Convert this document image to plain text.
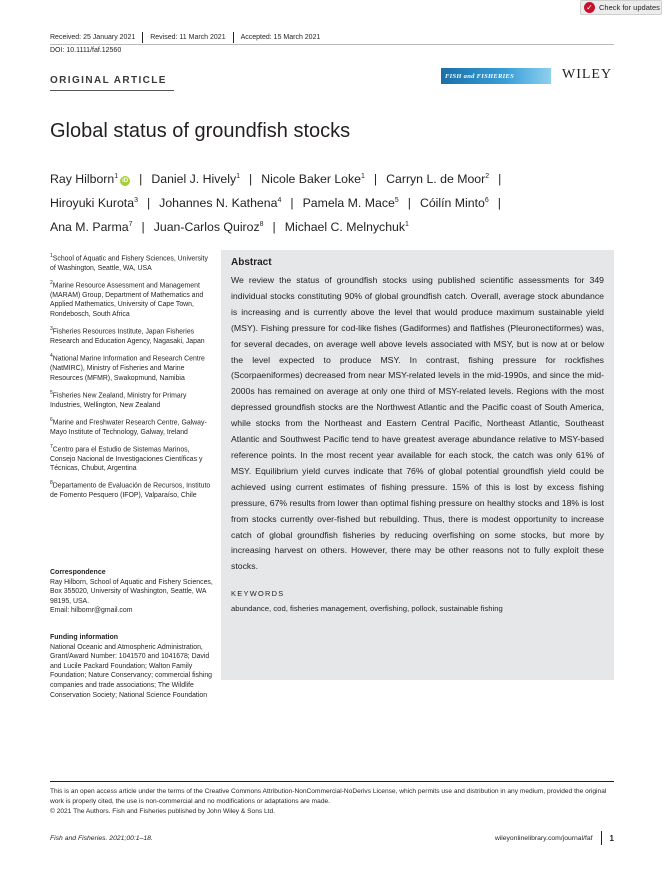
✓ Check for updates
Received: 25 January 2021 Revised: 11 March 2021 Accepted: 15 March 2021
DOI: 10.1111/faf.12560
ORIGINAL ARTICLE	FISH and FISHERIES	WILEY
Global status of groundfish stocks
Ray Hilborn$^1$iD | Daniel J. Hively$^1$ | Nicole Baker Loke$^1$ | Carryn L. de Moor$^2$ |
Hiroyuki Kurota$^3$ | Johannes N. Kathena$^4$ | Pamela M. Mace$^5$ | Cóilín Minto$^6$ |
Ana M. Parma$^7$ | Juan-Carlos Quiroz$^8$ | Michael C. Melnychuk$^1$

$^1$School of Aquatic and Fishery Sciences, University of Washington, Seattle, WA, USA

$^2$Marine Resource Assessment and Management (MARAM) Group, Department of Mathematics and Applied Mathematics, University of Cape Town, Rondebosch, South Africa

$^3$Fisheries Resources Institute, Japan Fisheries Research and Education Agency, Nagasaki, Japan

$^4$National Marine Information and Research Centre (NatMIRC), Ministry of Fisheries and Marine Resources (MFMR), Swakopmund, Namibia

$^5$Fisheries New Zealand, Ministry for Primary Industries, Wellington, New Zealand

$^6$Marine and Freshwater Research Centre, Galway-Mayo Institute of Technology, Galway, Ireland

$^7$Centro para el Estudio de Sistemas Marinos, Consejo Nacional de Investigaciones Científicas y Técnicas, Chubut, Argentina

$^8$Departamento de Evaluación de Recursos, Instituto de Fomento Pesquero (IFOP), Valparaíso, Chile

Correspondence

Ray Hilborn, School of Aquatic and Fishery Sciences, Box 355020, University of Washington, Seattle, WA 98195, USA.
Email: hilbornr@gmail.com

Funding information

National Oceanic and Atmospheric Administration, Grant/Award Number: 1041570 and 1041678; David and Lucile Packard Foundation; Walton Family Foundation; Nature Conservancy; commercial fishing companies and trade associations; The Wildlife Conservation Society; National Science Foundation

Abstract

We review the status of groundfish stocks using published scientific assessments for 349 individual stocks constituting 90% of global groundfish catch. Overall, average stock abundance is increasing and is currently above the level that would produce maximum sustainable yield (MSY). Fishing pressure for cod-like fishes (Gadiformes) and flatfishes (Pleuronectiformes) was, for several decades, on average well above levels associated with MSY, but is now at or below the level expected to produce MSY. In contrast, fishing pressure for rockfishes (Scorpaeniformes) decreased from near MSY-related levels in the mid-1990s, and since the mid-2000s has remained on average at only one third of MSY-related levels. Regions with the most depressed groundfish stocks are the Northwest Atlantic and the Pacific coast of South America, while stocks from the Northeast and Eastern Central Pacific, Northeast Atlantic, Southeast Atlantic and Southwest Pacific tend to have greatest average abundance relative to MSY-based reference points. In the most recent year available for each stock, the catch was only 61% of MSY. Equilibrium yield curves indicate that 76% of global potential groundfish yield could be achieved using current estimates of fishing pressure. 15% of this is lost by excess fishing pressure, 67% results from lower than optimal fishing pressure on healthy stocks and 18% is lost from stocks currently over-fished but rebuilding. Thus, there is modest opportunity to increase catch of global groundfish fisheries by reducing overfishing on some stocks, but more by increasing harvest on others. However, there may be other reasons not to fully exploit these stocks.

KEYWORDS

abundance, cod, fisheries management, overfishing, pollock, sustainable fishing

This is an open access article under the terms of the Creative Commons Attribution-NonCommercial-NoDerivs License, which permits use and distribution in any medium, provided the original work is properly cited, the use is non-commercial and no modifications or adaptations are made.

© 2021 The Authors. Fish and Fisheries published by John Wiley & Sons Ltd.

Fish and Fisheries. 2021;00:1–18.	wileyonlinelibrary.com/journal/faf 1
